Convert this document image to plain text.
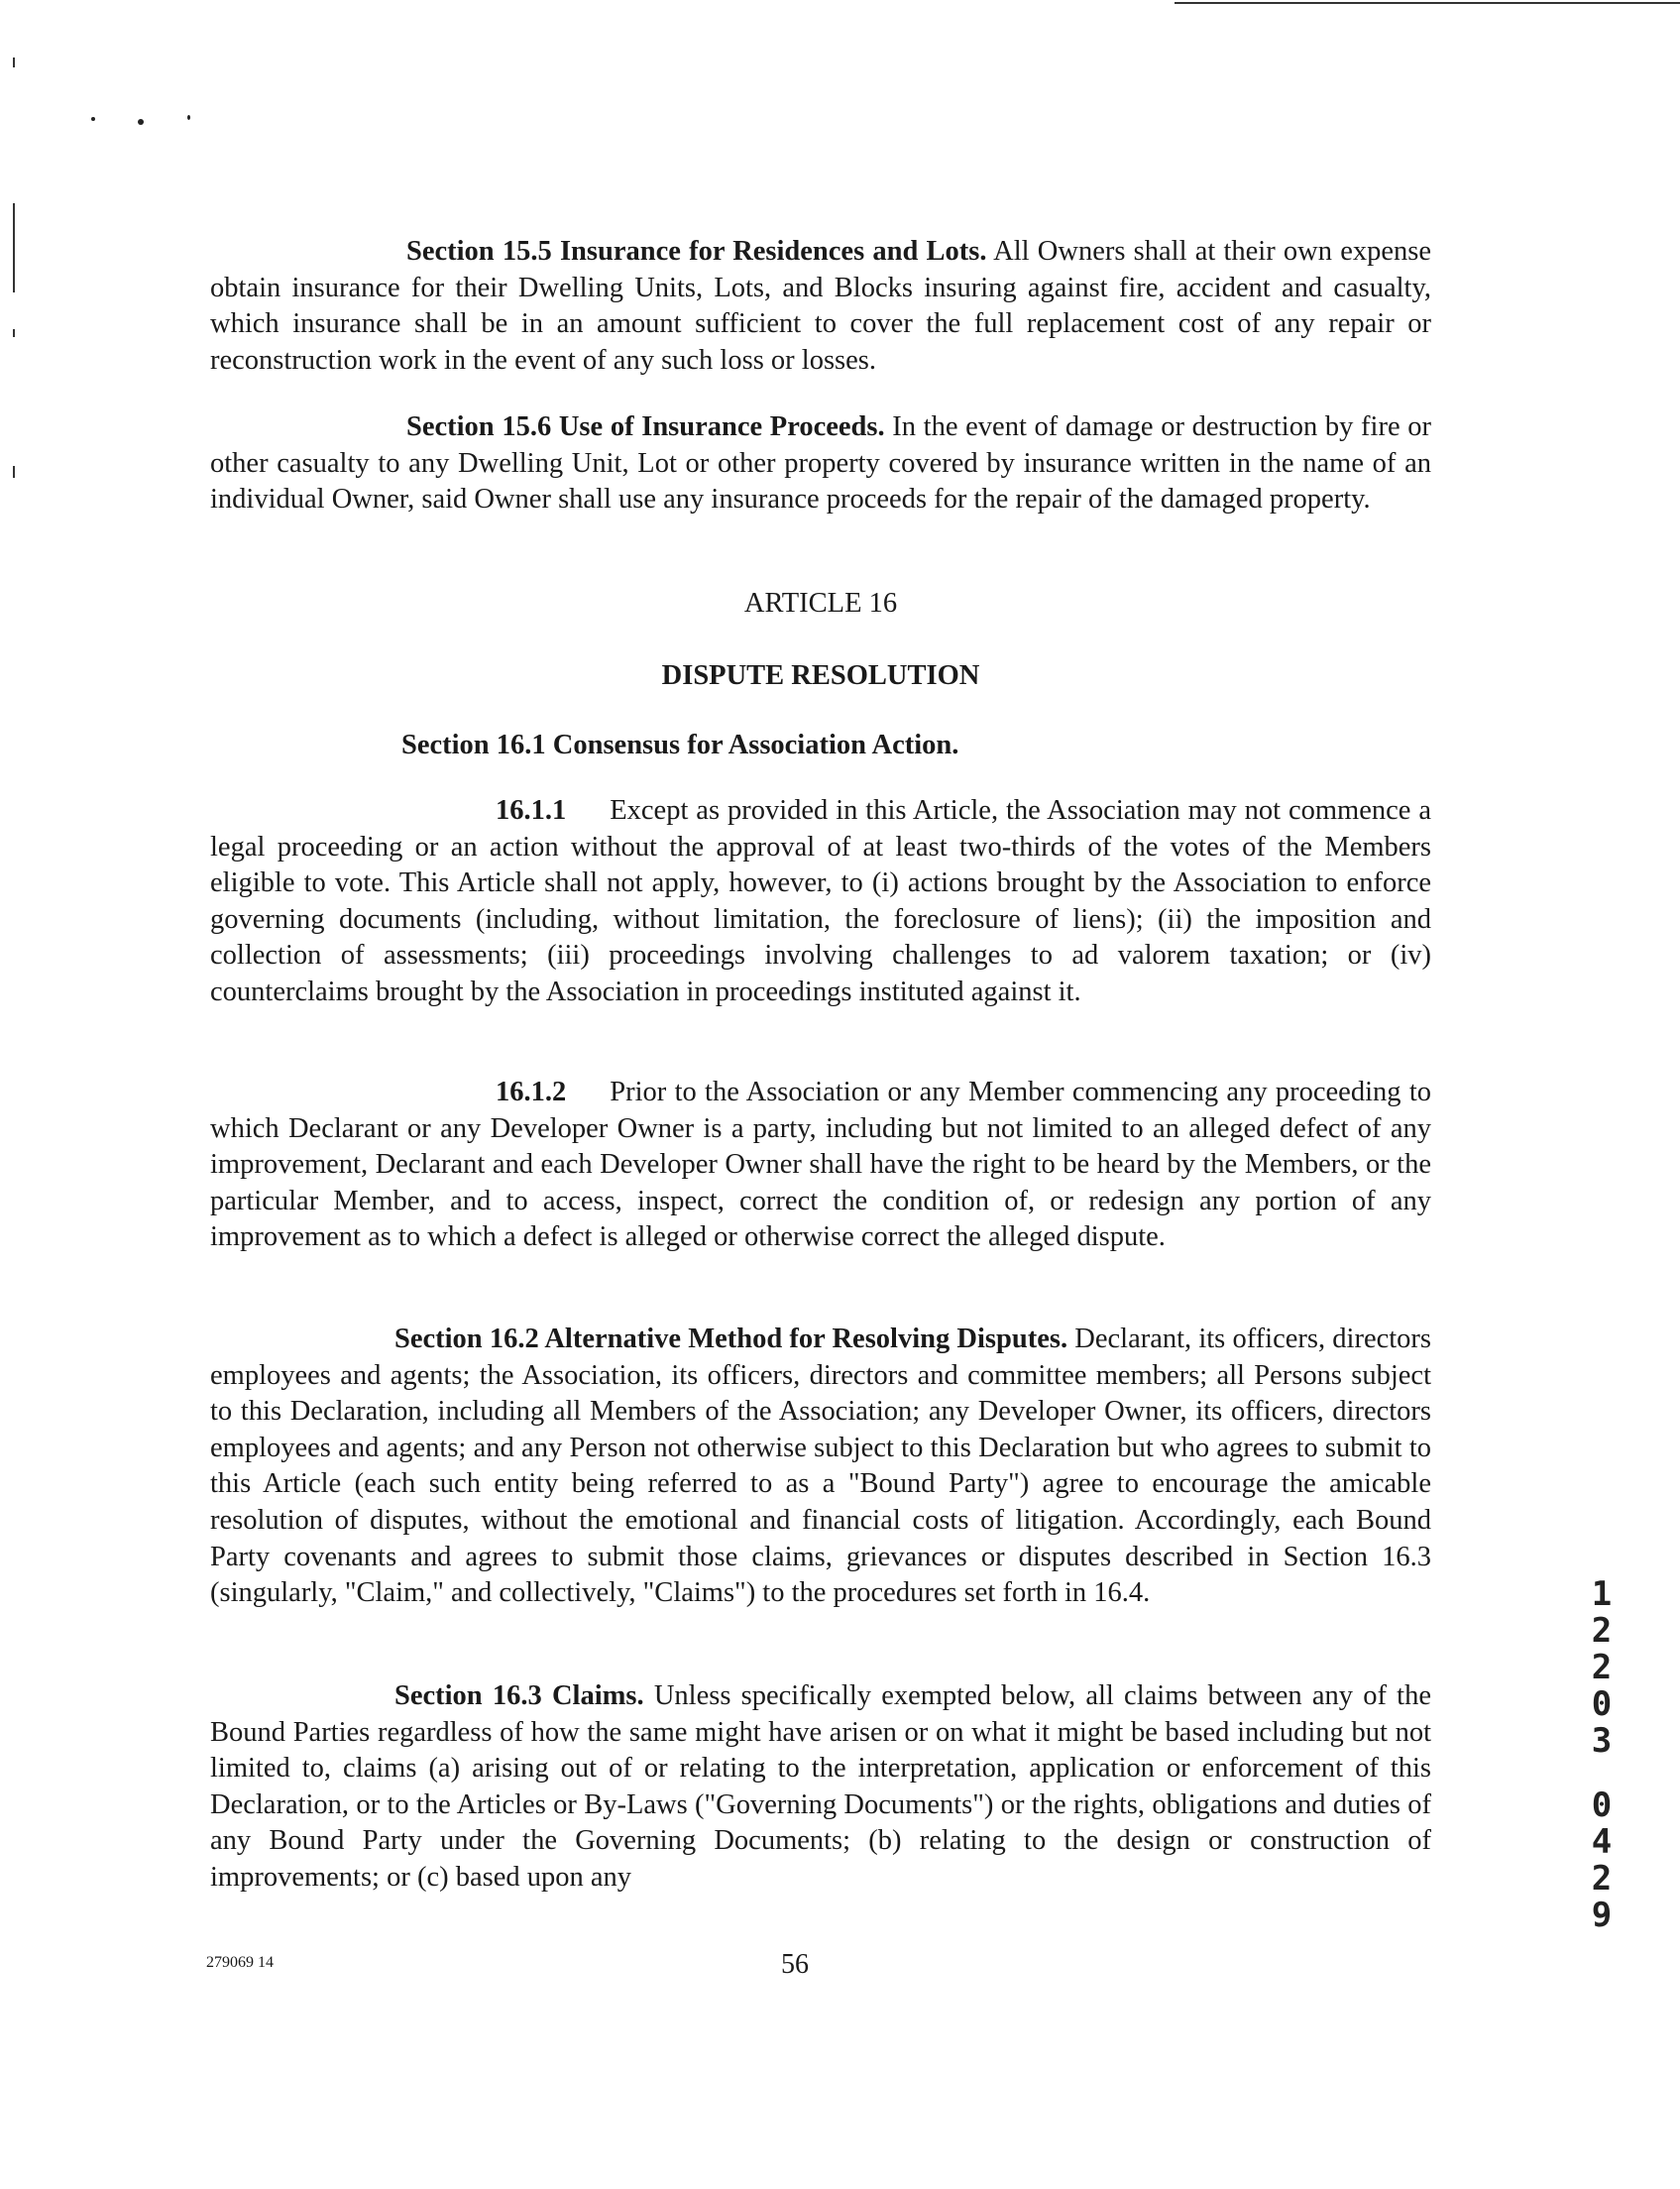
Section 15.5 Insurance for Residences and Lots. All Owners shall at their own expense obtain insurance for their Dwelling Units, Lots, and Blocks insuring against fire, accident and casualty, which insurance shall be in an amount sufficient to cover the full replacement cost of any repair or reconstruction work in the event of any such loss or losses.

Section 15.6 Use of Insurance Proceeds. In the event of damage or destruction by fire or other casualty to any Dwelling Unit, Lot or other property covered by insurance written in the name of an individual Owner, said Owner shall use any insurance proceeds for the repair of the damaged property.

ARTICLE 16
DISPUTE RESOLUTION

Section 16.1 Consensus for Association Action.

16.1.1 Except as provided in this Article, the Association may not commence a legal proceeding or an action without the approval of at least two-thirds of the votes of the Members eligible to vote. This Article shall not apply, however, to (i) actions brought by the Association to enforce governing documents (including, without limitation, the foreclosure of liens); (ii) the imposition and collection of assessments; (iii) proceedings involving challenges to ad valorem taxation; or (iv) counterclaims brought by the Association in proceedings instituted against it.

16.1.2 Prior to the Association or any Member commencing any proceeding to which Declarant or any Developer Owner is a party, including but not limited to an alleged defect of any improvement, Declarant and each Developer Owner shall have the right to be heard by the Members, or the particular Member, and to access, inspect, correct the condition of, or redesign any portion of any improvement as to which a defect is alleged or otherwise correct the alleged dispute.

Section 16.2 Alternative Method for Resolving Disputes. Declarant, its officers, directors employees and agents; the Association, its officers, directors and committee members; all Persons subject to this Declaration, including all Members of the Association; any Developer Owner, its officers, directors employees and agents; and any Person not otherwise subject to this Declaration but who agrees to submit to this Article (each such entity being referred to as a "Bound Party") agree to encourage the amicable resolution of disputes, without the emotional and financial costs of litigation. Accordingly, each Bound Party covenants and agrees to submit those claims, grievances or disputes described in Section 16.3 (singularly, "Claim," and collectively, "Claims") to the procedures set forth in 16.4.

Section 16.3 Claims. Unless specifically exempted below, all claims between any of the Bound Parties regardless of how the same might have arisen or on what it might be based including but not limited to, claims (a) arising out of or relating to the interpretation, application or enforcement of this Declaration, or to the Articles or By-Laws ("Governing Documents") or the rights, obligations and duties of any Bound Party under the Governing Documents; (b) relating to the design or construction of improvements; or (c) based upon any

279069 14	56
1
2
2
0
3
0
4
2
9
